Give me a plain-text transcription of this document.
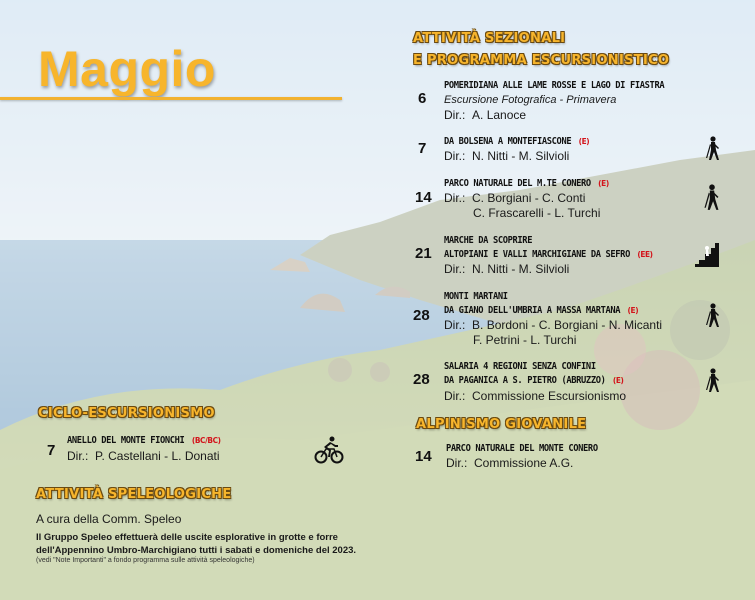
Maggio
ATTIVITÀ SEZIONALI
E PROGRAMMA ESCURSIONISTICO
6
POMERIDIANA ALLE LAME ROSSE E LAGO DI FIASTRA
Escursione Fotografica - Primavera
Dir.: A. Lanoce
7 DA BOLSENA A MONTEFIASCONE (E)
Dir.: N. Nitti - M. Silvioli
14
PARCO NATURALE DEL M.TE CONERO (E)
Dir.: C. Borgiani - C. Conti
C. Frascarelli - L. Turchi
21
MARCHE DA SCOPRIRE
ALTOPIANI E VALLI MARCHIGIANE DA SEFRO (EE)
Dir.: N. Nitti - M. Silvioli
28
MONTI MARTANI
DA GIANO DELL'UMBRIA A MASSA MARTANA (E)
Dir.: B. Bordoni - C. Borgiani - N. Micanti
F. Petrini - L. Turchi
28
SALARIA 4 REGIONI SENZA CONFINI
DA PAGANICA A S. PIETRO (ABRUZZO) (E)
Dir.: Commissione Escursionismo
ALPINISMO GIOVANILE
14 PARCO NATURALE DEL MONTE CONERO
Dir.: Commissione A.G.
CICLO-ESCURSIONISMO
7
ANELLO DEL MONTE FIONCHI (BC/BC)
Dir.: P. Castellani - L. Donati
ATTIVITÀ SPELEOLOGICHE
A cura della Comm. Speleo
Il Gruppo Speleo effettuerà delle uscite esplorative in grotte e forre dell'Appennino Umbro-Marchigiano tutti i sabati e domeniche del 2023.
(vedi "Note Importanti" a fondo programma sulle attività speleologiche)
